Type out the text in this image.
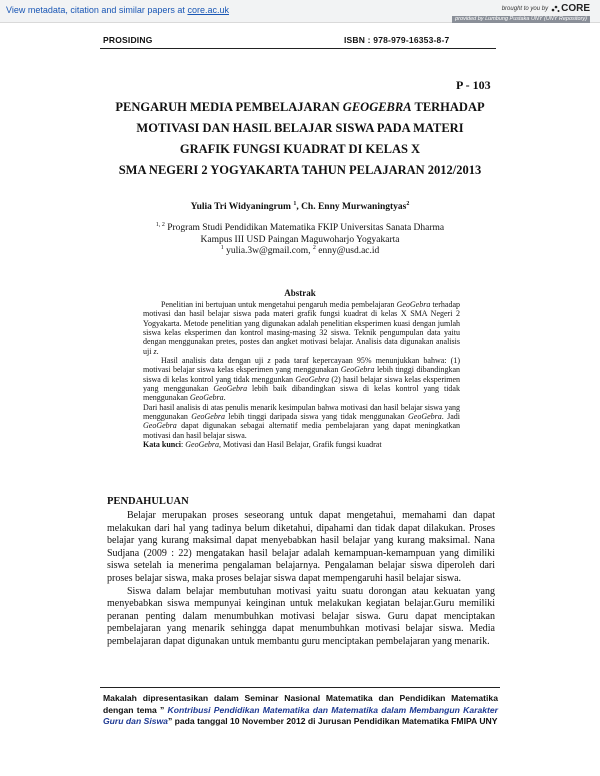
View metadata, citation and similar papers at core.ac.uk	brought to you by CORE
provided by Lumbung Pustaka UNY (UNY Repository)
PROSIDING	ISBN : 978-979-16353-8-7
P - 103
PENGARUH MEDIA PEMBELAJARAN GEOGEBRA TERHADAP
MOTIVASI DAN HASIL BELAJAR SISWA PADA MATERI
GRAFIK FUNGSI KUADRAT DI KELAS X
SMA NEGERI 2 YOGYAKARTA TAHUN PELAJARAN 2012/2013
Yulia Tri Widyaningrum $^1$, Ch. Enny Murwaningtyas$^2$
$^{1, 2}$ Program Studi Pendidikan Matematika FKIP Universitas Sanata Dharma
Kampus III USD Paingan Maguwoharjo Yogyakarta
$^1$ yulia.3w@gmail.com, $^2$ enny@usd.ac.id
Abstrak

Penelitian ini bertujuan untuk mengetahui pengaruh media pembelajaran GeoGebra terhadap motivasi dan hasil belajar siswa pada materi grafik fungsi kuadrat di kelas X SMA Negeri 2 Yogyakarta. Metode penelitian yang digunakan adalah penelitian eksperimen kuasi dengan jumlah siswa kelas eksperimen dan kontrol masing-masing 32 siswa. Teknik pengumpulan data yaitu dengan menggunakan pretes, postes dan angket motivasi belajar. Analisis data digunakan analisis uji z.

Hasil analisis data dengan uji z pada taraf kepercayaan 95% menunjukkan bahwa: (1) motivasi belajar siswa kelas eksperimen yang menggunakan GeoGebra lebih tinggi dibandingkan siswa di kelas kontrol yang tidak menggunkan GeoGebra (2) hasil belajar siswa kelas eksperimen yang menggunakan GeoGebra lebih baik dibandingkan siswa di kelas kontrol yang tidak menggunakan GeoGebra.

Dari hasil analisis di atas penulis menarik kesimpulan bahwa motivasi dan hasil belajar siswa yang menggunakan GeoGebra lebih tinggi daripada siswa yang tidak menggunakan GeoGebra. Jadi GeoGebra dapat digunakan sebagai alternatif media pembelajaran yang dapat meningkatkan motivasi dan hasil belajar siswa.

Kata kunci: GeoGebra, Motivasi dan Hasil Belajar, Grafik fungsi kuadrat

PENDAHULUAN

Belajar merupakan proses seseorang untuk dapat mengetahui, memahami dan dapat melakukan dari hal yang tadinya belum diketahui, dipahami dan tidak dapat dilakukan. Proses belajar yang kurang maksimal dapat menyebabkan hasil belajar yang kurang maksimal. Nana Sudjana (2009 : 22) mengatakan hasil belajar adalah kemampuan-kemampuan yang dimiliki siswa setelah ia menerima pengalaman belajarnya. Pengalaman belajar siswa diperoleh dari proses belajar siswa, maka proses belajar siswa dapat mempengaruhi hasil belajar siswa.

Siswa dalam belajar membutuhan motivasi yaitu suatu dorongan atau kekuatan yang menyebabkan siswa mempunyai keinginan untuk melakukan kegiatan belajar.Guru memiliki peranan penting dalam menumbuhkan motivasi belajar siswa. Guru dapat menciptakan pembelajaran yang menarik sehingga dapat menumbuhkan motivasi belajar siswa. Media pembelajaran dapat digunakan untuk membantu guru menciptakan pembelajaran yang menarik.

Makalah dipresentasikan dalam Seminar Nasional Matematika dan Pendidikan Matematika dengan tema ” Kontribusi Pendidikan Matematika dan Matematika dalam Membangun Karakter Guru dan Siswa” pada tanggal 10 November 2012 di Jurusan Pendidikan Matematika FMIPA UNY
